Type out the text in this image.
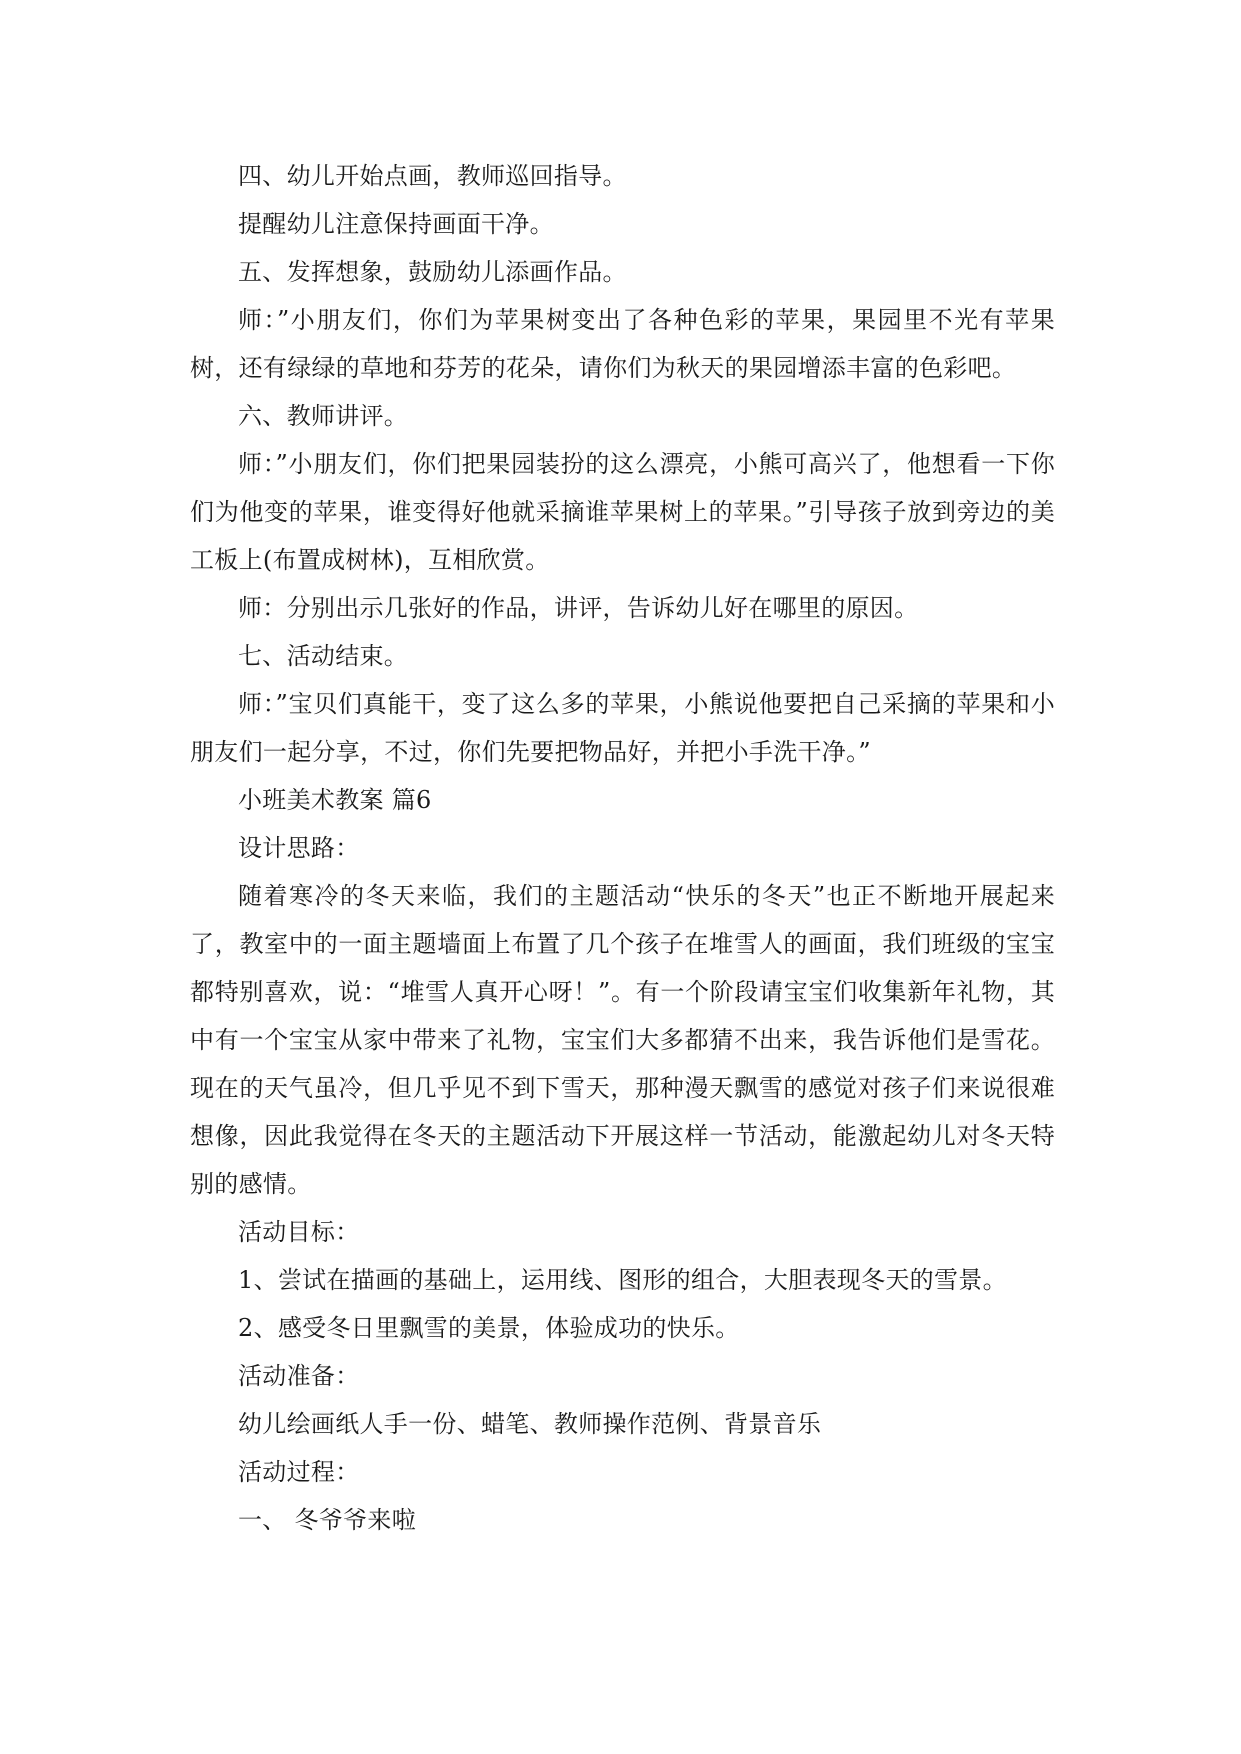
四、幼儿开始点画，教师巡回指导。

提醒幼儿注意保持画面干净。

五、发挥想象，鼓励幼儿添画作品。

师：”小朋友们，你们为苹果树变出了各种色彩的苹果，果园里不光有苹果树，还有绿绿的草地和芬芳的花朵，请你们为秋天的果园增添丰富的色彩吧。

六、教师讲评。

师：”小朋友们，你们把果园装扮的这么漂亮，小熊可高兴了，他想看一下你们为他变的苹果，谁变得好他就采摘谁苹果树上的苹果。”引导孩子放到旁边的美工板上(布置成树林)，互相欣赏。

师：分别出示几张好的作品，讲评，告诉幼儿好在哪里的原因。

七、活动结束。

师：”宝贝们真能干，变了这么多的苹果，小熊说他要把自己采摘的苹果和小朋友们一起分享，不过，你们先要把物品好，并把小手洗干净。”

小班美术教案 篇6

设计思路：

随着寒冷的冬天来临，我们的主题活动“快乐的冬天”也正不断地开展起来了，教室中的一面主题墙面上布置了几个孩子在堆雪人的画面，我们班级的宝宝都特别喜欢，说：“堆雪人真开心呀！”。有一个阶段请宝宝们收集新年礼物，其中有一个宝宝从家中带来了礼物，宝宝们大多都猜不出来，我告诉他们是雪花。现在的天气虽冷，但几乎见不到下雪天，那种漫天飘雪的感觉对孩子们来说很难想像，因此我觉得在冬天的主题活动下开展这样一节活动，能激起幼儿对冬天特别的感情。

活动目标：

1、尝试在描画的基础上，运用线、图形的组合，大胆表现冬天的雪景。

2、感受冬日里飘雪的美景，体验成功的快乐。

活动准备：

幼儿绘画纸人手一份、蜡笔、教师操作范例、背景音乐

活动过程：

一、 冬爷爷来啦
